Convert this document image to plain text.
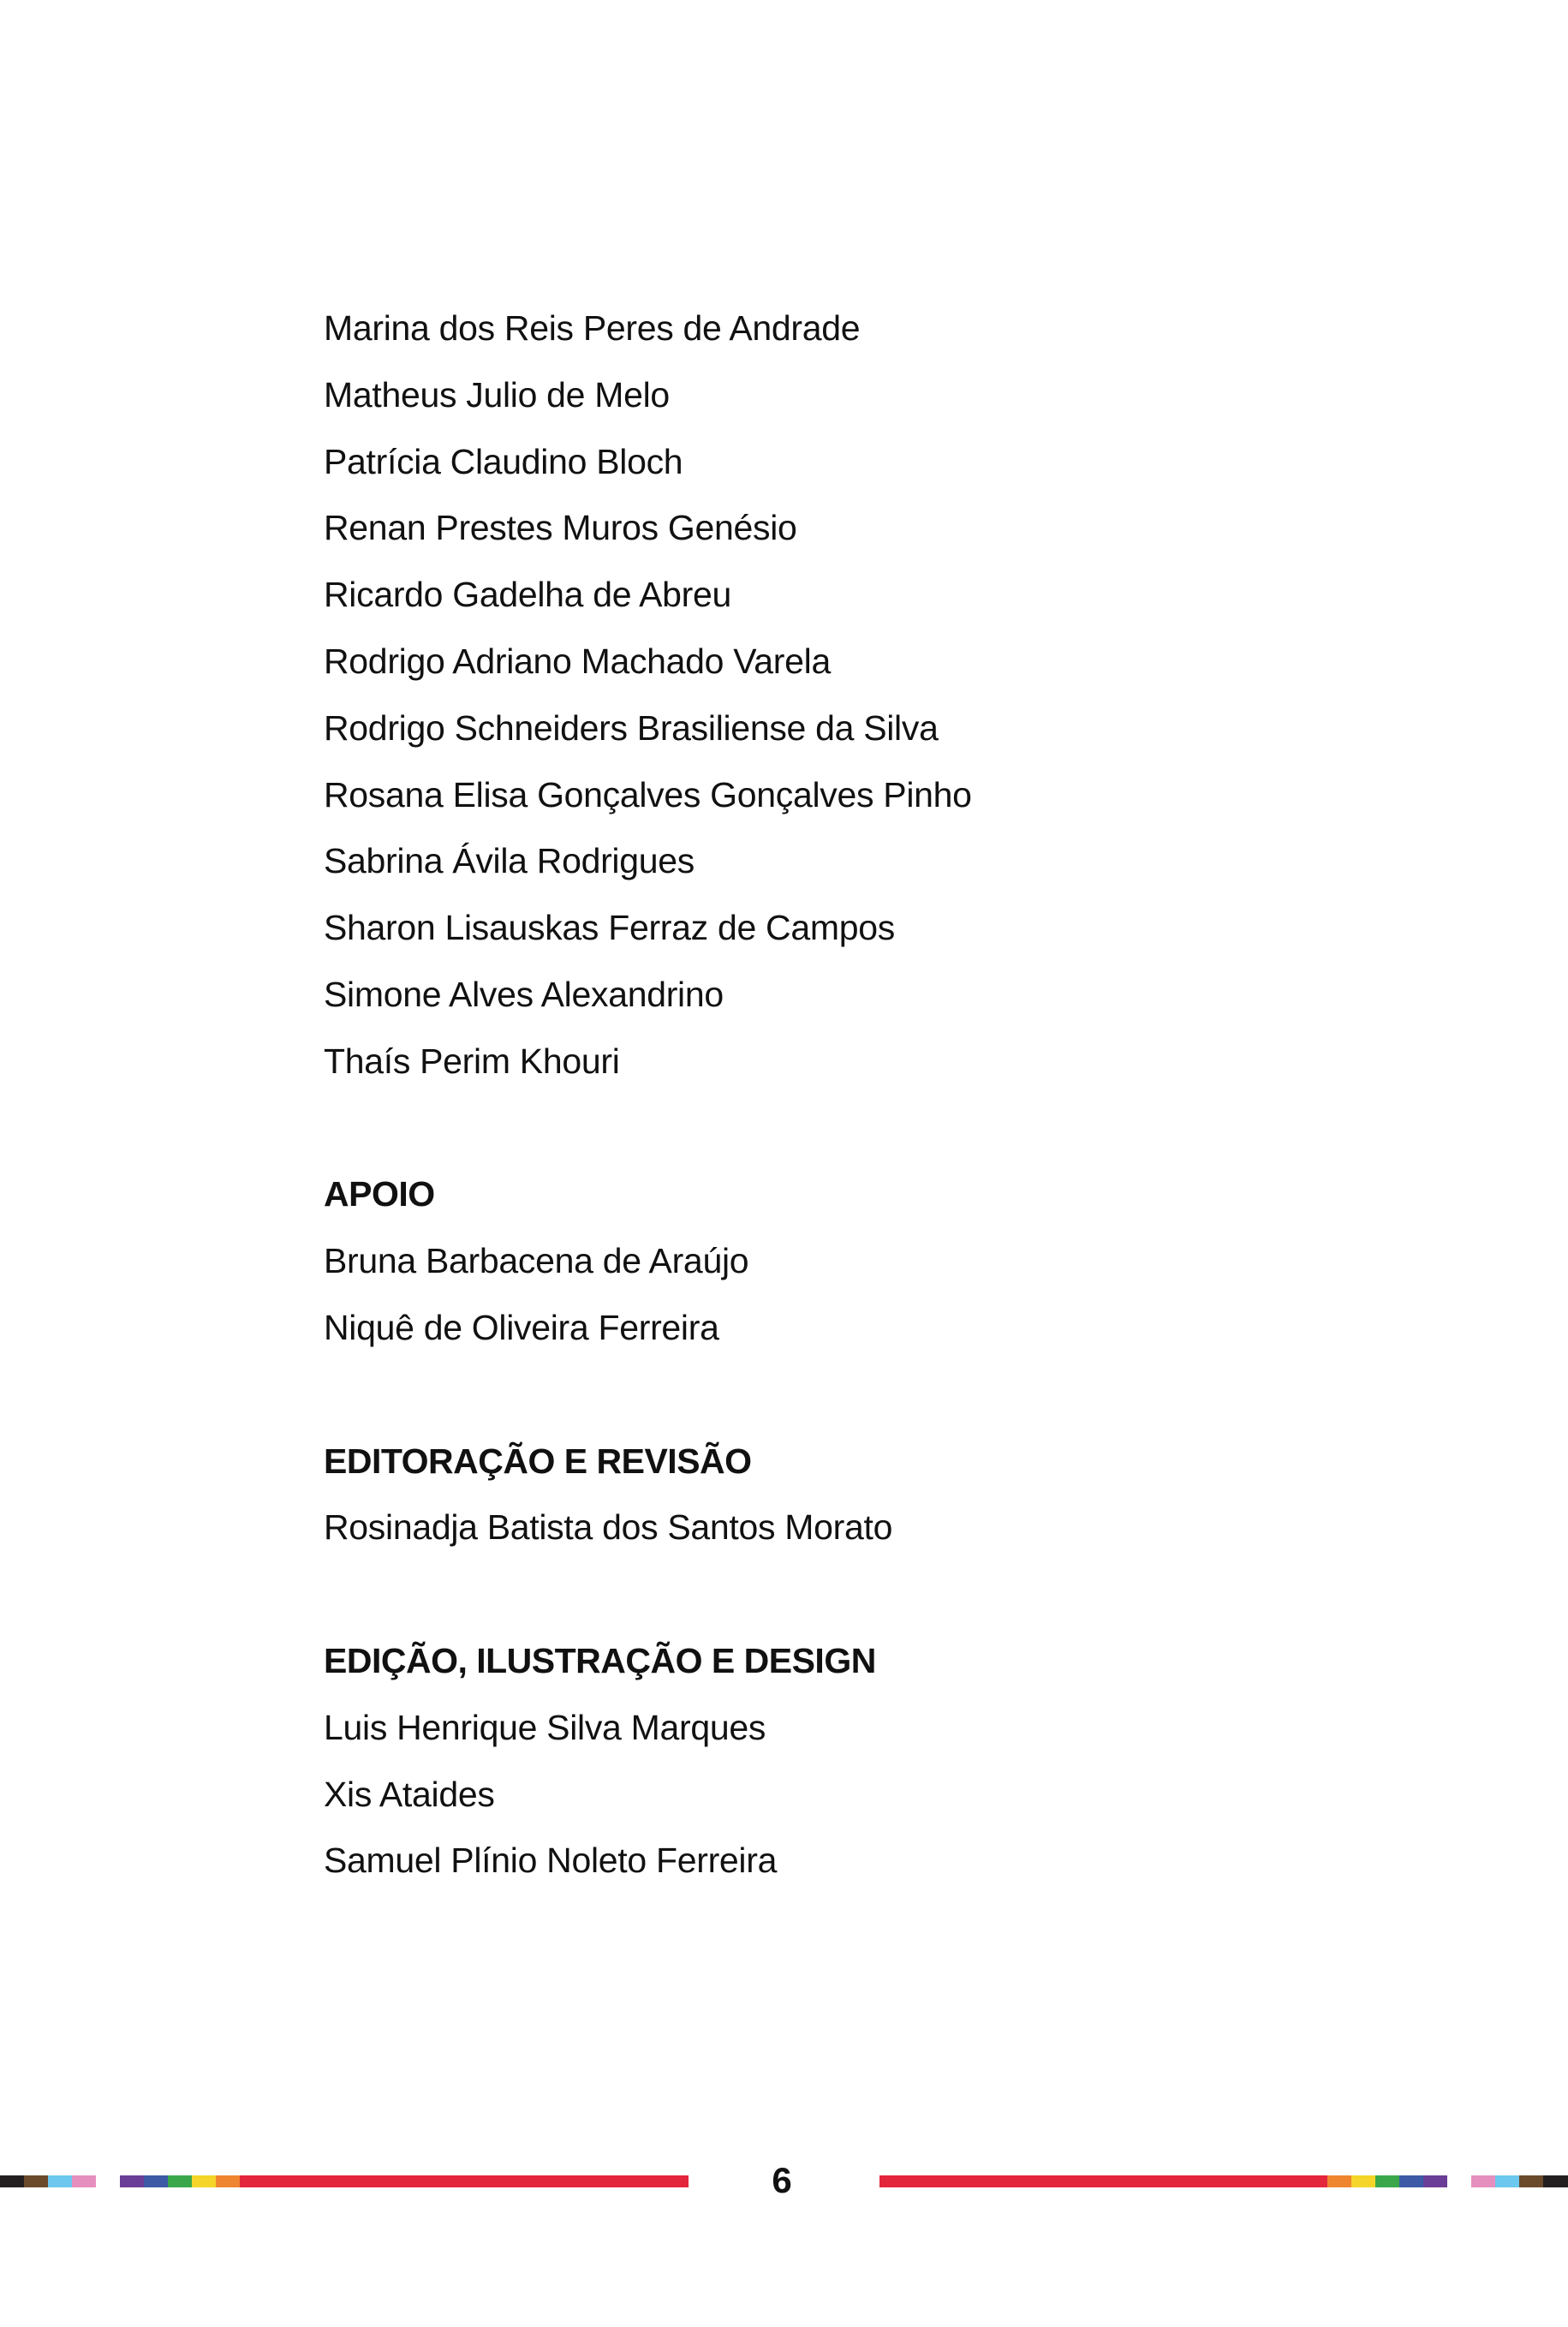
Marina dos Reis Peres de Andrade
Matheus Julio de Melo
Patrícia Claudino Bloch
Renan Prestes Muros Genésio
Ricardo Gadelha de Abreu
Rodrigo Adriano Machado Varela
Rodrigo Schneiders Brasiliense da Silva
Rosana Elisa Gonçalves Gonçalves Pinho
Sabrina Ávila Rodrigues
Sharon Lisauskas Ferraz de Campos
Simone Alves Alexandrino
Thaís Perim Khouri
APOIO
Bruna Barbacena de Araújo
Niquê de Oliveira Ferreira
EDITORAÇÃO E REVISÃO
Rosinadja Batista dos Santos Morato
EDIÇÃO, ILUSTRAÇÃO E DESIGN
Luis Henrique Silva Marques
Xis Ataides
Samuel Plínio Noleto Ferreira
6
